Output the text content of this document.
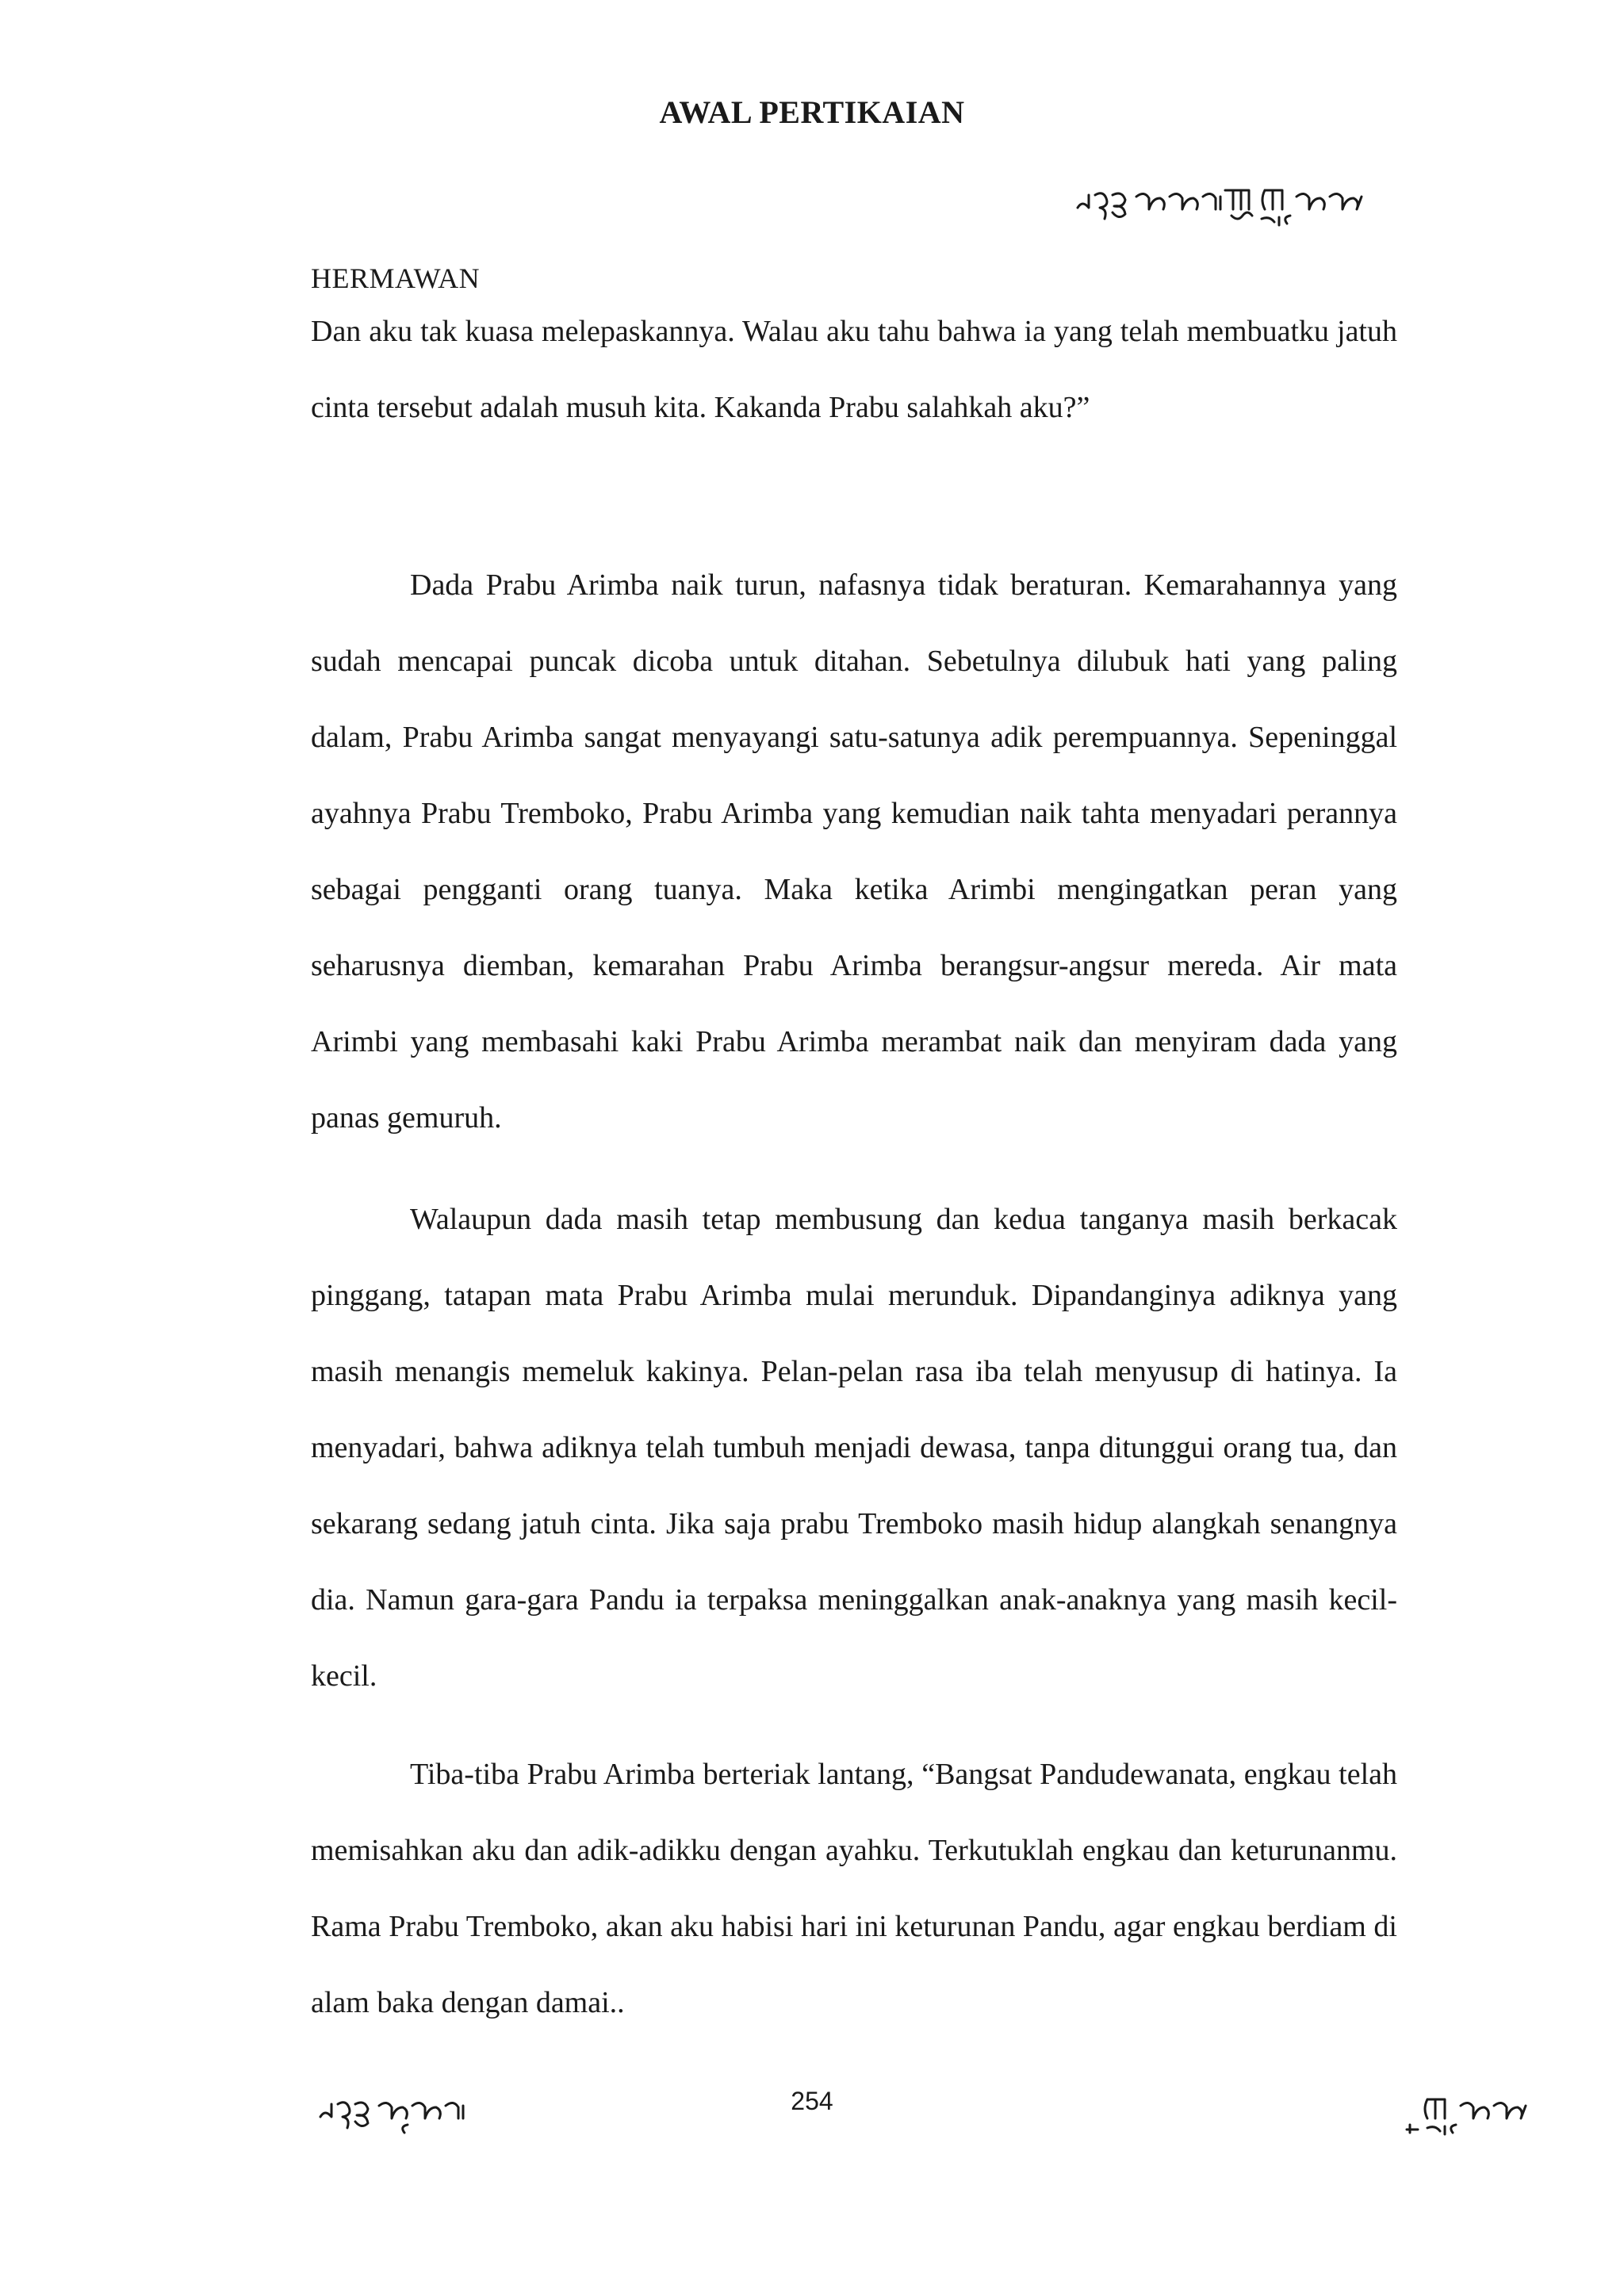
AWAL PERTIKAIAN
HERMAWAN

Dan aku tak kuasa melepaskannya. Walau aku tahu bahwa ia yang telah membuatku jatuh cinta tersebut adalah musuh kita. Kakanda Prabu salahkah aku?”

Dada Prabu Arimba naik turun, nafasnya tidak beraturan. Kemarahannya yang sudah mencapai puncak dicoba untuk ditahan. Sebetulnya dilubuk hati yang paling dalam, Prabu Arimba sangat menyayangi satu-satunya adik perempuannya. Sepeninggal ayahnya Prabu Tremboko, Prabu Arimba yang kemudian naik tahta menyadari perannya sebagai pengganti orang tuanya. Maka ketika Arimbi mengingatkan peran yang seharusnya diemban, kemarahan Prabu Arimba berangsur-angsur mereda. Air mata Arimbi yang membasahi kaki Prabu Arimba merambat naik dan menyiram dada yang panas gemuruh.

Walaupun dada masih tetap membusung dan kedua tanganya masih berkacak pinggang, tatapan mata Prabu Arimba mulai merunduk. Dipandanginya adiknya yang masih menangis memeluk kakinya. Pelan-pelan rasa iba telah menyusup di hatinya. Ia menyadari, bahwa adiknya telah tumbuh menjadi dewasa, tanpa ditunggui orang tua, dan sekarang sedang jatuh cinta. Jika saja prabu Tremboko masih hidup alangkah senangnya dia. Namun gara-gara Pandu ia terpaksa meninggalkan anak-anaknya yang masih kecil-kecil.

Tiba-tiba Prabu Arimba berteriak lantang, “Bangsat Pandudewanata, engkau telah memisahkan aku dan adik-adikku dengan ayahku. Terkutuklah engkau dan keturunanmu. Rama Prabu Tremboko, akan aku habisi hari ini keturunan Pandu, agar engkau berdiam di alam baka dengan damai..

254
